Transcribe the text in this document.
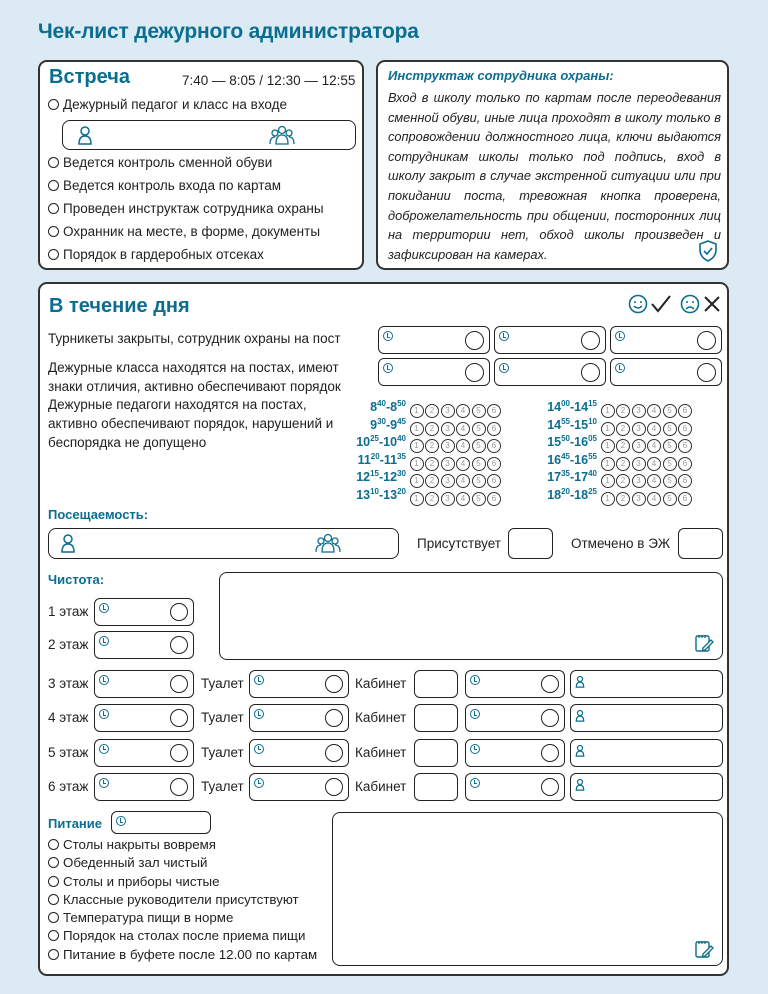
Чек-лист дежурного администратора
Встреча	7:40 — 8:05 / 12:30 — 12:55
Дежурный педагог и класс на входе
Ведется контроль сменной обуви
Ведется контроль входа по картам
Проведен инструктаж сотрудника охраны
Охранник на месте, в форме, документы
Порядок в гардеробных отсеках
Инструктаж сотрудника охраны:
Вход в школу только по картам после переодевания сменной обуви, иные лица проходят в школу только в сопровождении должностного лица, ключи выдаются сотрудникам школы только под подпись, вход в школу закрыт в случае экстренной ситуации или при покидании поста, тревожная кнопка проверена, доброжелательность при общении, посторонних лиц на территории нет, обход школы произведен и зафиксирован на камерах.
В течение дня
Турникеты закрыты, сотрудник охраны на пост
Дежурные класса находятся на постах, имеют знаки отличия, активно обеспечивают порядок
Дежурные педагоги находятся на постах, активно обеспечивают порядок, нарушений и беспорядка не допущено
$8^{40}-8^{50}$
1 2 3 4 5 6
$9^{30}-9^{45}$
1 2 3 4 5 6
$10^{25}-10^{40}$
1 2 3 4 5 6
$11^{20}-11^{35}$
1 2 3 4 5 6
$12^{15}-12^{30}$
1 2 3 4 5 6
$13^{10}-13^{20}$
1 2 3 4 5 6
$14^{00}-14^{15}$
1 2 3 4 5 6
$14^{55}-15^{10}$
1 2 3 4 5 6
$15^{50}-16^{05}$
1 2 3 4 5 6
$16^{45}-16^{55}$
1 2 3 4 5 6
$17^{35}-17^{40}$
1 2 3 4 5 6
$18^{20}-18^{25}$
1 2 3 4 5 6
Посещаемость:
Присутствует	Отмечено в ЭЖ
Чистота:
1 этаж
2 этаж
3 этаж	Туалет	Кабинет
4 этаж	Туалет	Кабинет
5 этаж	Туалет	Кабинет
6 этаж	Туалет	Кабинет
Питание
Столы накрыты вовремя
Обеденный зал чистый
Столы и приборы чистые
Классные руководители присутствуют
Температура пищи в норме
Порядок на столах после приема пищи
Питание в буфете после 12.00 по картам
